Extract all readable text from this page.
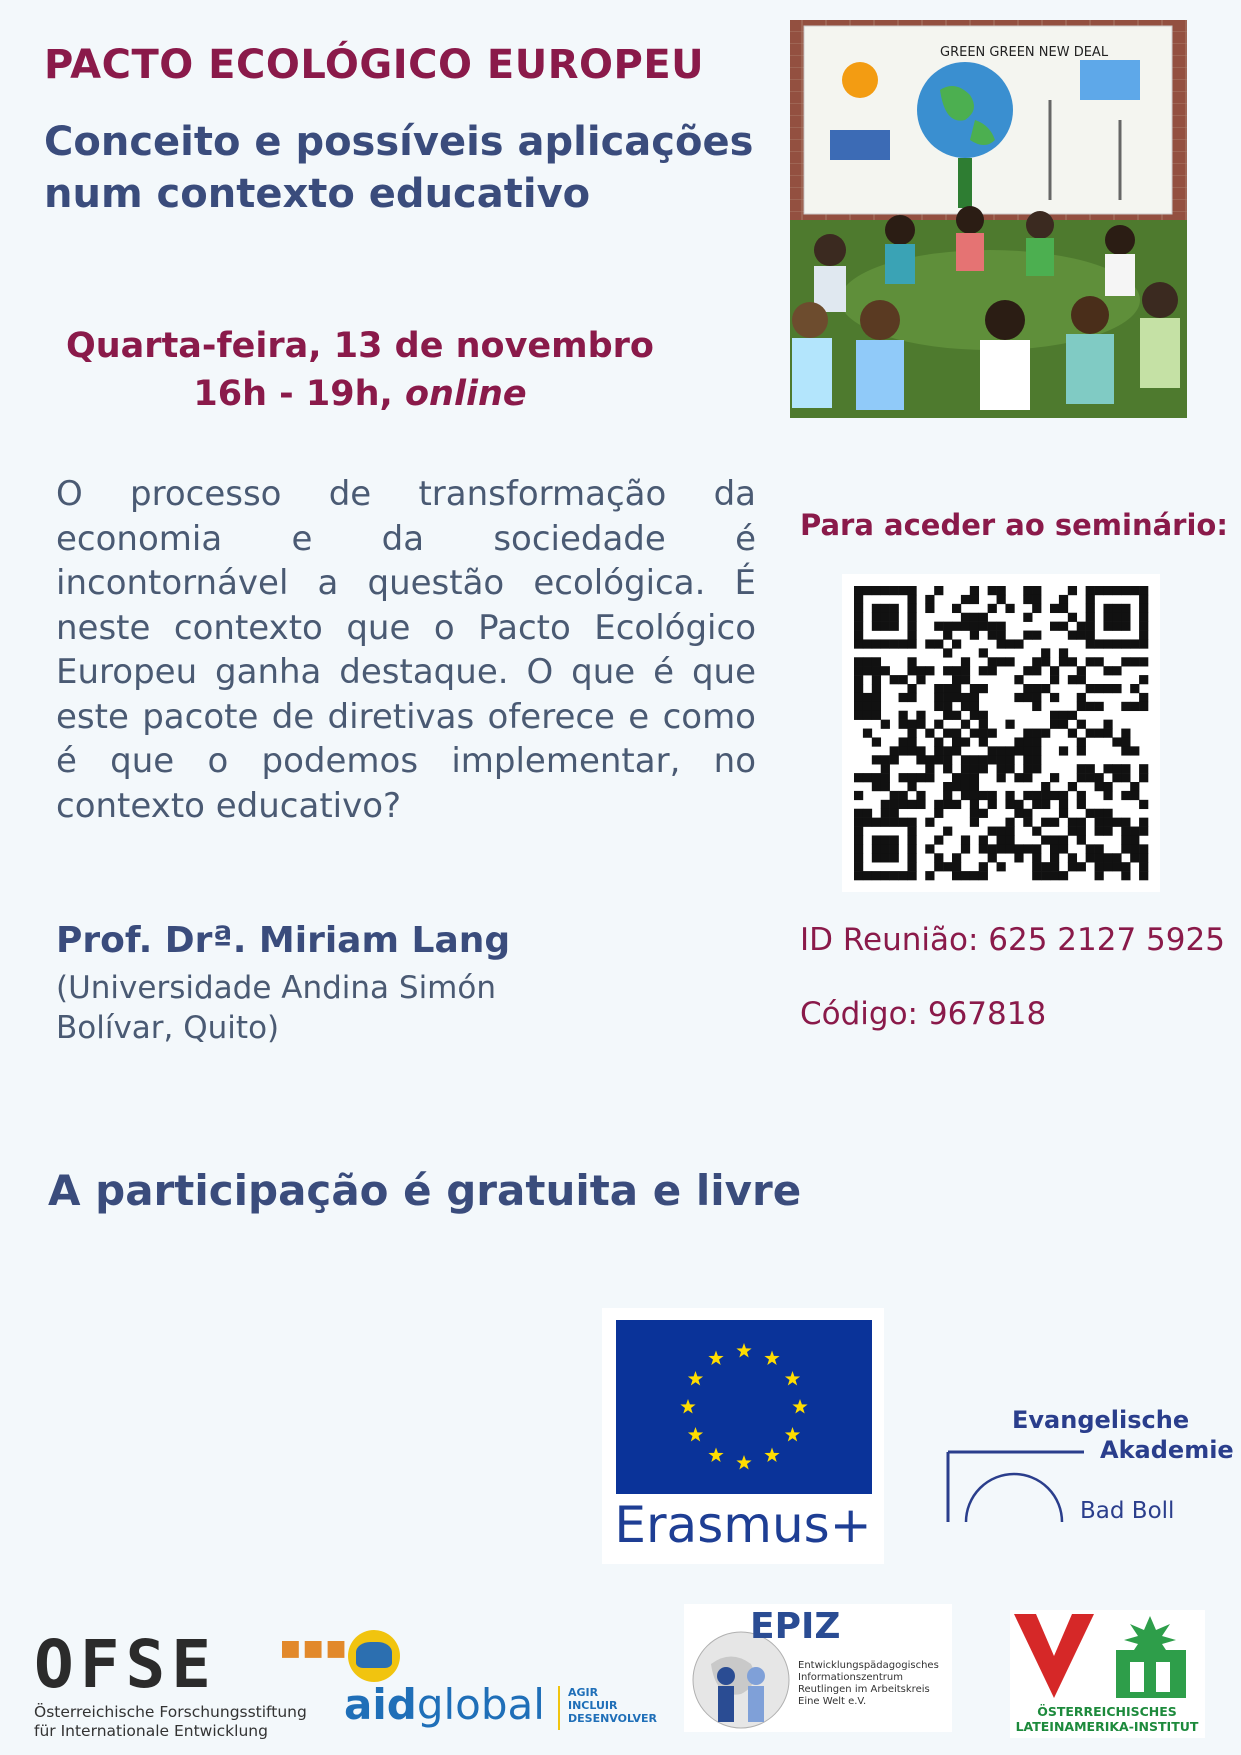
PACTO ECOLÓGICO EUROPEU
Conceito e possíveis aplicações num contexto educativo
GREEN GREEN NEW DEAL
Quarta-feira, 13 de novembro
16h - 19h, online
O processo de transformação da economia e da sociedade é incontornável a questão ecológica. É neste contexto que o Pacto Ecológico Europeu ganha destaque. O que é que este pacote de diretivas oferece e como é que o podemos implementar, no contexto educativo?
Prof. Drª. Miriam Lang
(Universidade Andina Simón Bolívar, Quito)
A participação é gratuita e livre
Para aceder ao seminário:
ID Reunião: 625 2127 5925
Código: 967818
Erasmus+
Evangelische
Akademie
Bad Boll
OFSE	■■■
Österreichische Forschungsstiftung für Internationale Entwicklung
aidglobal AGIR INCLUIR DESENVOLVER
EPIZ
Entwicklungspädagogisches Informationszentrum Reutlingen im Arbeitskreis Eine Welt e.V.
ÖSTERREICHISCHES LATEINAMERIKA-INSTITUT
